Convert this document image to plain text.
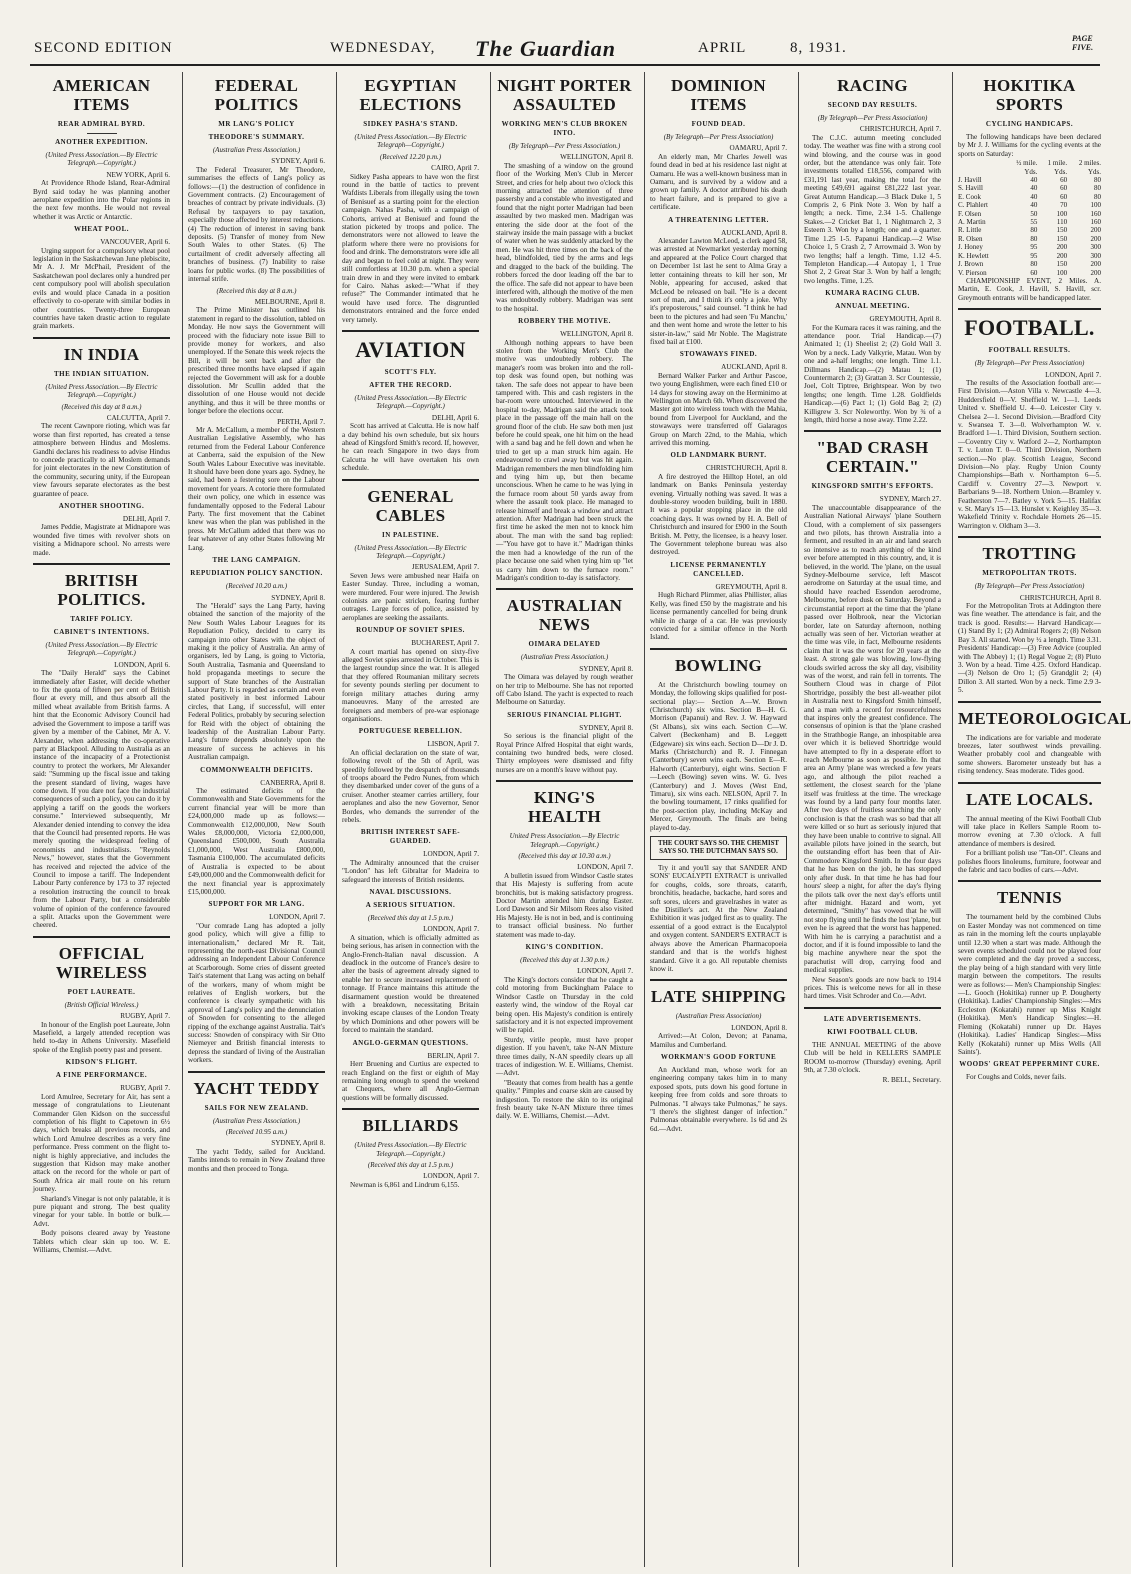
SECOND EDITION	WEDNESDAY, The Guardian	APRIL	8, 1931.
PAGE FIVE.
AMERICAN ITEMS
REAR ADMIRAL BYRD.
ANOTHER EXPEDITION.
(United Press Association.—By Electric Telegraph.—Copyright.)
NEW YORK, April 6.

At Providence Rhode Island, Rear-Admiral Byrd said today he was planning another aeroplane expedition into the Polar regions in the next few months. He would not reveal whether it was Arctic or Antarctic.

WHEAT POOL.
VANCOUVER, April 6.

Urging support for a compulsory wheat pool legislation in the Saskatchewan June plebiscite, Mr A. J. Mr McPhail, President of the Saskatchewan pool declares only a hundred per cent compulsory pool will abolish speculation evils and would place Canada in a position effectively to co-operate with similar bodies in other countries. Twenty-three European countries have taken drastic action to regulate grain markets.

IN INDIA
THE INDIAN SITUATION.
(United Press Association.—By Electric Telegraph.—Copyright.)
(Received this day at 8 a.m.)
CALCUTTA, April 7.

The recent Cawnpore rioting, which was far worse than first reported, has created a tense atmosphere between Hindus and Moslems. Gandhi declares his readiness to advise Hindus to concede practically to all Moslem demands for joint electorates in the new Constitution of the community, securing unity, if the European view favours separate electorates as the best guarantee of peace.

ANOTHER SHOOTING.
DELHI, April 7.

James Peddie, Magistrate at Midnapore was wounded five times with revolver shots on visiting a Midnapore school. No arrests were made.

BRITISH POLITICS.
TARIFF POLICY.
CABINET'S INTENTIONS.
(United Press Association.—By Electric Telegraph.—Copyright.)
LONDON, April 6.

The "Daily Herald" says the Cabinet immediately after Easter, will decide whether to fix the quota of fifteen per cent of British flour at every mill, and thus absorb all the milled wheat available from British farms. A hint that the Economic Advisory Council had advised the Government to impose a tariff was given by a member of the Cabinet, Mr A. V. Alexander, when addressing the co-operative party at Blackpool. Alluding to Australia as an instance of the incapacity of a Protectionist country to protect the workers, Mr Alexander said: "Summing up the fiscal issue and taking the present standard of living, wages have come down. If you dare not face the industrial consequences of such a policy, you can do it by applying a tariff on the goods the workers consume." Interviewed subsequently, Mr Alexander denied intending to convey the idea that the Council had presented reports. He was merely quoting the widespread feeling of economists and industrialists. "Reynolds News," however, states that the Government has received and rejected the advice of the Council to impose a tariff. The Independent Labour Party conference by 173 to 37 rejected a resolution instructing the council to break from the Labour Party, but a considerable volume of opinion of the conference favoured a split. Attacks upon the Government were cheered.

OFFICIAL WIRELESS
POET LAUREATE.
(British Official Wireless.)
RUGBY, April 7.

In honour of the English poet Laureate, John Masefield, a largely attended reception was held to-day in Athens University. Masefield spoke of the English poetry past and present.

KIDSON'S FLIGHT.
A FINE PERFORMANCE.
RUGBY, April 7.

Lord Amulree, Secretary for Air, has sent a message of congratulations to Lieutenant Commander Glen Kidson on the successful completion of his flight to Capetown in 6½ days, which breaks all previous records, and which Lord Amulree describes as a very fine performance. Press comment on the flight to-night is highly appreciative, and includes the suggestion that Kidson may make another attack on the record for the whole or part of South Africa air mail route on his return journey.

Sharland's Vinegar is not only palatable, it is pure piquant and strong. The best quality vinegar for your table. In bottle or bulk.—Advt.

Body poisons cleared away by Yeastone Tablets which clear skin up too. W. E. Williams, Chemist.—Advt.

FEDERAL POLITICS
MR LANG'S POLICY
THEODORE'S SUMMARY.
(Australian Press Association.)
SYDNEY, April 6.

The Federal Treasurer, Mr Theodore, summarises the effects of Lang's policy as follows:—(1) the destruction of confidence in Government contracts. (2) Encouragement of breaches of contract by private individuals. (3) Refusal by taxpayers to pay taxation, especially those affected by interest reductions. (4) The reduction of interest in saving bank deposits. (5) Transfer of money from New South Wales to other States. (6) The curtailment of credit adversely affecting all branches of business. (7) Inability to raise loans for public works. (8) The possibilities of internal strife.

(Received this day at 8 a.m.)
MELBOURNE, April 8.

The Prime Minister has outlined his statement in regard to the dissolution, tabled on Monday. He now says the Government will proceed with the fiduciary note issue Bill to provide money for workers, and also unemployed. If the Senate this week rejects the Bill, it will be sent back and after the prescribed three months have elapsed if again rejected the Government will ask for a double dissolution. Mr Scullin added that the dissolution of one House would not decide anything, and thus it will be three months or longer before the elections occur.

PERTH, April 7.

Mr A. McCallum, a member of the Western Australian Legislative Assembly, who has returned from the Federal Labour Conference at Canberra, said the expulsion of the New South Wales Labour Executive was inevitable. It should have been done years ago. Sydney, he said, had been a festering sore on the Labour movement for years. A cotorie there formulated their own policy, one which in essence was fundamentally opposed to the Federal Labour Party. The first movement that the Cabinet knew was when the plan was published in the press. Mr McCallum added that there was no fear whatever of any other States following Mr Lang.

THE LANG CAMPAIGN.
REPUDIATION POLICY SANCTION.
(Received 10.20 a.m.)
SYDNEY, April 8.

The "Herald" says the Lang Party, having obtained the sanction of the majority of the New South Wales Labour Leagues for its Repudiation Policy, decided to carry its campaign into other States with the object of making it the policy of Australia. An army of organisers, led by Lang, is going to Victoria, South Australia, Tasmania and Queensland to hold propaganda meetings to secure the support of State branches of the Australian Labour Party. It is regarded as certain and even stated positively in best informed Labour circles, that Lang, if successful, will enter Federal Politics, probably by securing selection for Reid with the object of obtaining the leadership of the Australian Labour Party. Lang's future depends absolutely upon the measure of success he achieves in his Australian campaign.

COMMONWEALTH DEFICITS.
CANBERRA, April 8.

The estimated deficits of the Commonwealth and State Governments for the current financial year will be more than £24,000,000 made up as follows:—Commonwealth £12,000,000, New South Wales £8,000,000, Victoria £2,000,000, Queensland £500,000, South Australia £1,000,000, West Australia £800,000, Tasmania £100,000. The accumulated deficits of Australia is expected to be about £49,000,000 and the Commonwealth deficit for the next financial year is approximately £15,000,000.

SUPPORT FOR MR LANG.
LONDON, April 7.

"Our comrade Lang has adopted a jolly good policy, which will give a fillip to internationalism," declared Mr R. Tait, representing the north-east Divisional Council addressing an Independent Labour Conference at Scarborough. Some cries of dissent greeted Tait's statement that Lang was acting on behalf of the workers, many of whom might be relatives of English workers, but the conference is clearly sympathetic with his approval of Lang's policy and the denunciation of Snowden for consenting to the alleged ripping of the exchange against Australia. Tait's success: Snowden of conspiracy with Sir Otto Niemeyer and British financial interests to depress the standard of living of the Australian workers.

YACHT TEDDY
SAILS FOR NEW ZEALAND.
(Australian Press Association.)
(Received 10.95 a.m.)
SYDNEY, April 8.

The yacht Teddy, sailed for Auckland. Tambs intends to remain in New Zealand three months and then proceed to Tonga.

EGYPTIAN ELECTIONS
SIDKEY PASHA'S STAND.
(United Press Association.—By Electric Telegraph—Copyright.)
(Received 12.20 p.m.)
CAIRO, April 7.

Sidkey Pasha appears to have won the first round in the battle of tactics to prevent Wafdists Liberals from illegally using the town of Benisuef as a starting point for the election campaign. Nahas Pasha, with a campaign of Cohorts, arrived at Benisuef and found the station picketed by troops and police. The demonstrators were not allowed to leave the platform where there were no provisions for food and drink. The demonstrators were idle all day and began to feel cold at night. They were still comfortless at 10.30 p.m. when a special train drew in and they were invited to embark for Cairo. Nahas asked:—"What if they refuse?" The Commander intimated that he would have used force. The disgruntled demonstrators entrained and the force ended very tamely.

AVIATION
SCOTT'S FLY.
AFTER THE RECORD.
(United Press Association.—By Electric Telegraph.—Copyright.)
DELHI, April 6.

Scott has arrived at Calcutta. He is now half a day behind his own schedule, but six hours ahead of Kingsford Smith's record. If, however, he can reach Singapore in two days from Calcutta he will have overtaken his own schedule.

GENERAL CABLES
IN PALESTINE.
(United Press Association.—By Electric Telegraph.—Copyright.)
JERUSALEM, April 7.

Seven Jews were ambushed near Haifa on Easter Sunday. Three, including a woman, were murdered. Four were injured. The Jewish colonists are panic stricken, fearing further outrages. Large forces of police, assisted by aeroplanes are seeking the assailants.

ROUNDUP OF SOVIET SPIES.
BUCHAREST, April 7.

A court martial has opened on sixty-five alleged Soviet spies arrested in October. This is the largest roundup since the war. It is alleged that they offered Roumanian military secrets for seventy pounds sterling per document to foreign military attaches during army manoeuvres. Many of the arrested are foreigners and members of pre-war espionage organisations.

PORTUGUESE REBELLION.
LISBON, April 7.

An official declaration on the state of war, following revolt of the 5th of April, was speedily followed by the despatch of thousands of troops aboard the Pedro Nunes, from which they disembarked under cover of the guns of a cruiser. Another steamer carries artillery, four aeroplanes and also the new Governor, Senor Bordes, who demands the surrender of the rebels.

BRITISH INTEREST SAFE-GUARDED.
LONDON, April 7.

The Admiralty announced that the cruiser "London" has left Gibraltar for Madeira to safeguard the interests of British residents.

NAVAL DISCUSSIONS.
A SERIOUS SITUATION.
(Received this day at 1.5 p.m.)
LONDON, April 7.

A situation, which is officially admitted as being serious, has arisen in connection with the Anglo-French-Italian naval discussion. A deadlock in the outcome of France's desire to alter the basis of agreement already signed to enable her to secure increased replacement of tonnage. If France maintains this attitude the disarmament question would be threatened with a breakdown, necessitating Britain invoking escape clauses of the London Treaty by which Dominions and other powers will be forced to maintain the standard.

ANGLO-GERMAN QUESTIONS.
BERLIN, April 7.

Herr Bruening and Curtius are expected to reach England on the first or eighth of May remaining long enough to spend the weekend at Chequers, where all Anglo-German questions will be formally discussed.

BILLIARDS
(United Press Association.—By Electric Telegraph.—Copyright.)
(Received this day at 1.5 p.m.)
LONDON, April 7.

Newman is 6,861 and Lindrum 6,155.

NIGHT PORTER ASSAULTED
WORKING MEN'S CLUB BROKEN INTO.
(By Telegraph—Per Press Association.)
WELLINGTON, April 8.

The smashing of a window on the ground floor of the Working Men's Club in Mercer Street, and cries for help about two o'clock this morning attracted the attention of three passersby and a constable who investigated and found that the night porter Madrigan had been assaulted by two masked men. Madrigan was entering the side door at the foot of the stairway inside the main passage with a bucket of water when he was suddenly attacked by the men. He was hit three times on the back of the head, blindfolded, tied by the arms and legs and dragged to the back of the building. The robbers forced the door leading off the bar to the office. The safe did not appear to have been interfered with, although the motive of the men was undoubtedly robbery. Madrigan was sent to the hospital.

ROBBERY THE MOTIVE.
WELLINGTON, April 8.

Although nothing appears to have been stolen from the Working Men's Club the motive was undoubtedly robbery. The manager's room was broken into and the roll-top desk was found open, but nothing was taken. The safe does not appear to have been tampered with. This and cash registers in the bar-room were untouched. Interviewed in the hospital to-day, Madrigan said the attack took place in the passage off the main hall on the ground floor of the club. He saw both men just before he could speak, one hit him on the head with a sand bag and he fell down and when he tried to get up a man struck him again. He endeavoured to crawl away but was hit again. Madrigan remembers the men blindfolding him and tying him up, but then became unconscious. When he came to he was lying in the furnace room about 50 yards away from where the assault took place. He managed to release himself and break a window and attract attention. After Madrigan had been struck the first time he asked the men not to knock him about. The man with the sand bag replied:—"You have got to have it." Madrigan thinks the men had a knowledge of the run of the place because one said when tying him up "let us carry him down to the furnace room." Madrigan's condition to-day is satisfactory.

AUSTRALIAN NEWS
OIMARA DELAYED
(Australian Press Association.)
SYDNEY, April 8.

The Oimara was delayed by rough weather on her trip to Melbourne. She has not reported off Cabo Island. The yacht is expected to reach Melbourne on Saturday.

SERIOUS FINANCIAL PLIGHT.
SYDNEY, April 8.

So serious is the financial plight of the Royal Prince Alfred Hospital that eight wards, containing two hundred beds, were closed. Thirty employees were dismissed and fifty nurses are on a month's leave without pay.

KING'S HEALTH
United Press Association.—By Electric Telegraph.—Copyright.)
(Received this day at 10.30 a.m.)
LONDON, April 7.

A bulletin issued from Windsor Castle states that His Majesty is suffering from acute bronchitis, but is making satisfactory progress. Doctor Martin attended him during Easter. Lord Dawson and Sir Milsom Rees also visited His Majesty. He is not in bed, and is continuing to transact official business. No further statement was made to-day.

KING'S CONDITION.
(Received this day at 1.30 p.m.)
LONDON, April 7.

The King's doctors consider that he caught a cold motoring from Buckingham Palace to Windsor Castle on Thursday in the cold easterly wind, the window of the Royal car being open. His Majesty's condition is entirely satisfactory and it is not expected improvement will be rapid.

Sturdy, virile people, must have proper digestion. If you haven't, take N-AN Mixture three times daily, N-AN speedily clears up all traces of indigestion. W. E. Williams, Chemist.—Advt.

"Beauty that comes from health has a gentle quality." Pimples and coarse skin are caused by indigestion. To restore the skin to its original fresh beauty take N-AN Mixture three times daily. W. E. Williams, Chemist.—Advt.

DOMINION ITEMS
FOUND DEAD.
(By Telegraph—Per Press Association)
OAMARU, April 7.

An elderly man, Mr Charles Jewell was found dead in bed at his residence last night at Oamaru. He was a well-known business man in Oamaru, and is survived by a widow and a grown up family. A doctor attributed his death to heart failure, and is prepared to give a certificate.

A THREATENING LETTER.
AUCKLAND, April 8.

Alexander Lawton McLeod, a clerk aged 58, was arrested at Newmarket yesterday morning and appeared at the Police Court charged that on December 1st last he sent to Alma Gray a letter containing threats to kill her son, Mr Noble, appearing for accused, asked that McLeod be released on bail. "He is a decent sort of man, and I think it's only a joke. Why it's preposterous," said counsel. "I think he had been to the pictures and had seen 'Fu Manchu,' and then went home and wrote the letter to his sister-in-law," said Mr Noble. The Magistrate fixed bail at £100.

STOWAWAYS FINED.
AUCKLAND, April 8.

Bernard Walker Parker and Arthur Pascoe, two young Englishmen, were each fined £10 or 14 days for stowing away on the Herminimo at Wellington on March 6th. When discovered the Master got into wireless touch with the Mahia, bound from Liverpool for Auckland, and the stowaways were transferred off Galaragos Group on March 22nd, to the Mahia, which arrived this morning.

OLD LANDMARK BURNT.
CHRISTCHURCH, April 8.

A fire destroyed the Hilltop Hotel, an old landmark on Banks Peninsula yesterday evening. Virtually nothing was saved. It was a double-storey wooden building, built in 1880. It was a popular stopping place in the old coaching days. It was owned by H. A. Bell of Christchurch and insured for £900 in the South British. M. Petty, the licensee, is a heavy loser. The Government telephone bureau was also destroyed.

LICENSE PERMANENTLY CANCELLED.
GREYMOUTH, April 8.

Hugh Richard Plimmer, alias Phillister, alias Kelly, was fined £50 by the magistrate and his license permanently cancelled for being drunk while in charge of a car. He was previously convicted for a similar offence in the North Island.

BOWLING

At the Christchurch bowling tourney on Monday, the following skips qualified for post-sectional play:— Section A—W. Brown (Christchurch) six wins. Section B—H. G. Morrison (Papanui) and Rev. J. W. Hayward (St Albans), six wins each. Section C—W. Calvert (Beckenham) and B. Leggett (Edgeware) six wins each. Section D—Dr J. D. Marks (Christchurch) and R. J. Finnegan (Canterbury) seven wins each. Section E—R. Halworth (Canterbury), eight wins. Section F—Leech (Bowing) seven wins. W. G. Ives (Canterbury) and J. Moves (West End, Timaru), six wins each. NELSON, April 7. In the bowling tournament, 17 rinks qualified for the post-section play, including McKay and Mercer, Greymouth. The finals are being played to-day.

THE COURT SAYS SO. THE CHEMIST SAYS SO. THE DUTCHMAN SAYS SO.

Try it and you'll say that SANDER AND SONS' EUCALYPTI EXTRACT is unrivalled for coughs, colds, sore throats, catarrh, bronchitis, headache, backache, hard sores and soft sores, ulcers and gravelrashes in water as the Distiller's act. At the New Zealand Exhibition it was judged first as to quality. The essential of a good extract is the Eucalyptol and oxygen content. SANDER'S EXTRACT is always above the American Pharmacopoeia standard and that is the world's highest standard. Give it a go. All reputable chemists know it.

LATE SHIPPING
(Australian Press Association)
LONDON, April 8.

Arrived:—At Colon, Devon; at Panama, Mamilus and Cumberland.

WORKMAN'S GOOD FORTUNE

An Auckland man, whose work for an engineering company takes him in to many exposed spots, puts down his good fortune in keeping free from colds and sore throats to Pulmonas. "I always take Pulmonas," he says. "I there's the slightest danger of infection." Pulmonas obtainable everywhere. 1s 6d and 2s 6d.—Advt.

RACING
SECOND DAY RESULTS.
(By Telegraph—Per Press Association)
CHRISTCHURCH, April 7.

The C.J.C. autumn meeting concluded today. The weather was fine with a strong cool wind blowing, and the course was in good order, but the attendance was only fair. Tote investments totalled £18,556, compared with £31,191 last year, making the total for the meeting £49,691 against £81,222 last year. Great Autumn Handicap.—3 Black Duke 1, 5 Compris 2, 6 Pink Note 3. Won by half a length; a neck. Time, 2.34 1-5. Challenge Stakes.—2 Cricket Bat 1, 1 Nightmarch 2, 3 Esteem 3. Won by a length; one and a quarter. Time 1.25 1-5. Papanui Handicap.—2 Wise Choice 1, 5 Crash 2, 7 Arrowmaid 3. Won by two lengths; half a length. Time, 1.12 4-5. Templeton Handicap.—4 Autopay 1, 1 True Shot 2, 2 Great Star 3. Won by half a length; two lengths. Time, 1.25.

KUMARA RACING CLUB.
ANNUAL MEETING.
GREYMOUTH, April 8.

For the Kumara races it was raining, and the attendance poor. Trial Handicap.—(7) Animated 1; (1) Sheelist 2; (2) Gold Wall 3. Won by a neck. Lady Valkyrie, Matau. Won by one and a-half lengths; one length. Time 1.1. Dillmans Handicap.—(2) Matau 1; (1) Countermarch 2; (3) Grattan 3. Scr Countessie, Joel, Colt Tiptree, Brightspear. Won by two lengths; one length. Time 1.28. Goldfields Handicap.—(6) Pact 1; (1) Gold Bag 2; (2) Killigrew 3. Scr Noleworthy. Won by ¾ of a length, third horse a nose away. Time 2.22.

"BAD CRASH CERTAIN."
KINGSFORD SMITH'S EFFORTS.
SYDNEY, March 27.

The unaccountable disappearance of the Australian National Airways' 'plane Southern Cloud, with a complement of six passengers and two pilots, has thrown Australia into a ferment, and resulted in an air and land search so intensive as to reach anything of the kind ever before attempted in this country, and, it is believed, in the world. The 'plane, on the usual Sydney-Melbourne service, left Mascot aerodrome on Saturday at the usual time, and should have reached Essendon aerodrome, Melbourne, before dusk on Saturday. Beyond a circumstantial report at the time that the 'plane passed over Holbrook, near the Victorian border, late on Saturday afternoon, nothing actually was seen of her. Victorian weather at the time was vile, in fact, Melbourne residents claim that it was the worst for 20 years at the least. A strong gale was blowing, low-flying clouds swirled across the sky all day, visibility was of the worst, and rain fell in torrents. The Southern Cloud was in charge of Pilot Shortridge, possibly the best all-weather pilot in Australia next to Kingsford Smith himself, and a man with a record for resourcefulness that inspires only the greatest confidence. The consensus of opinion is that the 'plane crashed in the Strathbogie Range, an inhospitable area over which it is believed Shortridge would have attempted to fly in a desperate effort to reach Melbourne as soon as possible. In that area an Army 'plane was wrecked a few years ago, and although the pilot reached a settlement, the closest search for the 'plane itself was fruitless at the time. The wreckage was found by a land party four months later. After two days of fruitless searching the only conclusion is that the crash was so bad that all were killed or so hurt as seriously injured that they have been unable to contrive to signal. All available pilots have joined in the search, but the outstanding effort has been that of Air-Commodore Kingsford Smith. In the four days that he has been on the job, he has stopped only after dusk. In that time he has had four hours' sleep a night, for after the day's flying the pilots talk over the next day's efforts until after midnight. Hazard and worn, yet determined, "Smithy" has vowed that he will not stop flying until he finds the lost 'plane, but even he is agreed that the worst has happened. With him he is carrying a parachutist and a doctor, and if it is found impossible to land the big machine anywhere near the spot the parachutist will drop, carrying food and medical supplies.

New Season's goods are now back to 1914 prices. This is welcome news for all in these hard times. Visit Schroder and Co.—Advt.

LATE ADVERTISEMENTS.
KIWI FOOTBALL CLUB.

THE ANNUAL MEETING of the above Club will be held in KELLERS SAMPLE ROOM to-morrow (Thursday) evening, April 9th, at 7.30 o'clock.

R. BELL, Secretary.
HOKITIKA SPORTS
CYCLING HANDICAPS.

The following handicaps have been declared by Mr J. J. Williams for the cycling events at the sports on Saturday:

	½ mile.	1 mile.	2 miles.
	Yds.	Yds.	Yds.
J. Havill	40	60	80
S. Havill	40	60	80
E. Cook	40	60	80
C. Plahlert	40	70	100
F. Olsen	50	100	160
A. Martin	55	110	160
R. Little	80	150	200
R. Olsen	80	150	200
J. Honey	95	200	300
K. Hewlett	95	200	300
J. Brown	80	150	200
V. Pierson	60	100	200

CHAMPIONSHIP EVENT, 2 Miles. A. Martin, E. Cook, J. Havill, S. Havill, scr. Greymouth entrants will be handicapped later.

FOOTBALL.
FOOTBALL RESULTS.
(By Telegraph—Per Press Association)
LONDON, April 7.

The results of the Association football are:— First Division.—Aston Villa v. Newcastle 4—3. Huddersfield 0—V. Sheffield W. 1—1. Leeds United v. Sheffield U. 4—0. Leicester City v. Chelsea 2—1. Second Division.—Bradford City v. Swansea T. 3—0. Wolverhampton W. v. Bradford 1—1. Third Division, Southern section.—Coventry City v. Watford 2—2, Northampton T. v. Luton T. 0—0. Third Division, Northern section.—No play. Scottish League, Second Division—No play. Rugby Union County Championships—Bath v. Northampton 6—5. Cardiff v. Coventry 27—3. Newport v. Barbarians 9—18. Northern Union.—Bramley v. Featherston 7—7. Batley v. York 5—15. Halifax v. St. Mary's 15—13. Hunslet v. Keighley 35—3. Wakefield Trinity v. Rochdale Hornets 26—15. Warrington v. Oldham 3—3.

TROTTING
METROPOLITAN TROTS.
(By Telegraph—Per Press Association)
CHRISTCHURCH, April 8.

For the Metropolitan Trots at Addington there was fine weather. The attendance is fair, and the track is good. Results:— Harvard Handicap:—(1) Stand By 1; (2) Admiral Rogers 2; (8) Nelson Bay 3. All started. Won by ½ a length. Time 3.31. Presidents' Handicap:—(3) Free Advice (coupled with The Abbey) 1; (1) Regal Vogue 2; (8) Pluto 3. Won by a head. Time 4.25. Oxford Handicap.—(3) Nelson de Oro 1; (5) Grandglit 2; (4) Dillon 3. All started. Won by a neck. Time 2.9 3-5.

METEOROLOGICAL

The indications are for variable and moderate breezes, later southwest winds prevailing. Weather probably cool and changeable with some showers. Barometer unsteady but has a rising tendency. Seas moderate. Tides good.

LATE LOCALS.

The annual meeting of the Kiwi Football Club will take place in Kellers Sample Room to-morrow evening at 7.30 o'clock. A full attendance of members is desired.

For a brilliant polish use "Tan-Ol". Cleans and polishes floors linoleums, furniture, footwear and the fabric and taco bodies of cars.—Advt.

TENNIS

The tournament held by the combined Clubs on Easter Monday was not commenced on time as rain in the morning left the courts unplayable until 12.30 when a start was made. Although the seven events scheduled could not be played four were completed and the day proved a success, the play being of a high standard with very little margin between the competitors. The results were as follows:— Men's Championship Singles:—L. Gooch (Hokitika) runner up P. Dougherty (Hokitika). Ladies' Championship Singles:—Mrs Eccleston (Kokatahi) runner up Miss Knight (Hokitika). Men's Handicap Singles:—H. Fleming (Kokatahi) runner up Dr. Hayes (Hokitika). Ladies' Handicap Singles:—Miss Kelly (Kokatahi) runner up Miss Wells (All Saints').

WOODS' GREAT PEPPERMINT CURE.

For Coughs and Colds, never fails.
